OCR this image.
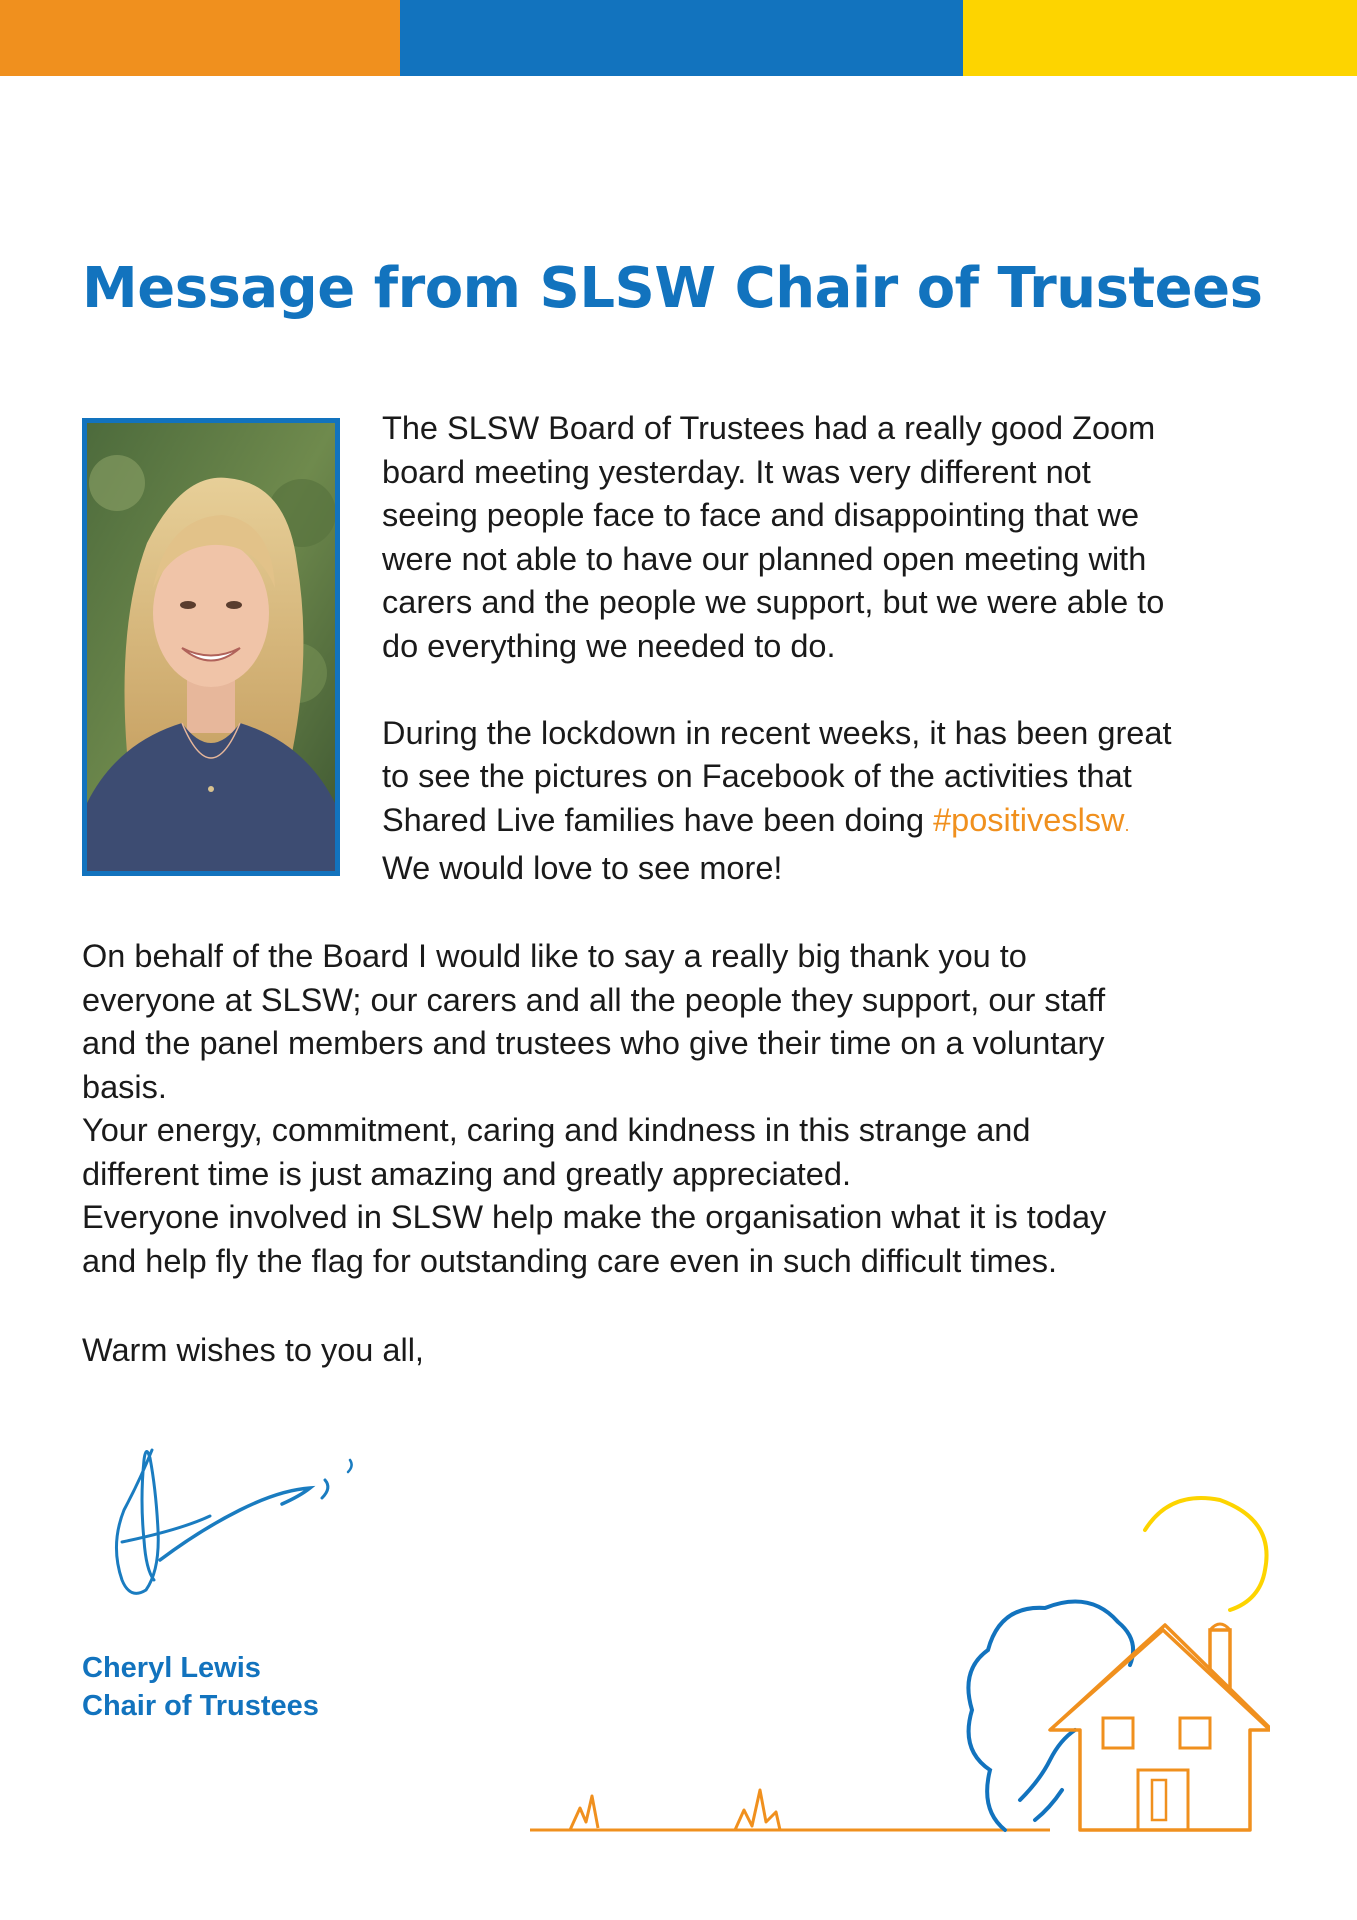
Message from SLSW Chair of Trustees

The SLSW Board of Trustees had a really good Zoom
board meeting yesterday. It was very different not
seeing people face to face and disappointing that we
were not able to have our planned open meeting with
carers and the people we support, but we were able to
do everything we needed to do.

During the lockdown in recent weeks, it has been great
to see the pictures on Facebook of the activities that
Shared Live families have been doing #positiveslsw.
We would love to see more!

On behalf of the Board I would like to say a really big thank you to
everyone at SLSW; our carers and all the people they support, our staff
and the panel members and trustees who give their time on a voluntary
basis.
Your energy, commitment, caring and kindness in this strange and
different time is just amazing and greatly appreciated.
Everyone involved in SLSW help make the organisation what it is today
and help fly the flag for outstanding care even in such difficult times.
Warm wishes to you all,
Cheryl Lewis
Chair of Trustees
